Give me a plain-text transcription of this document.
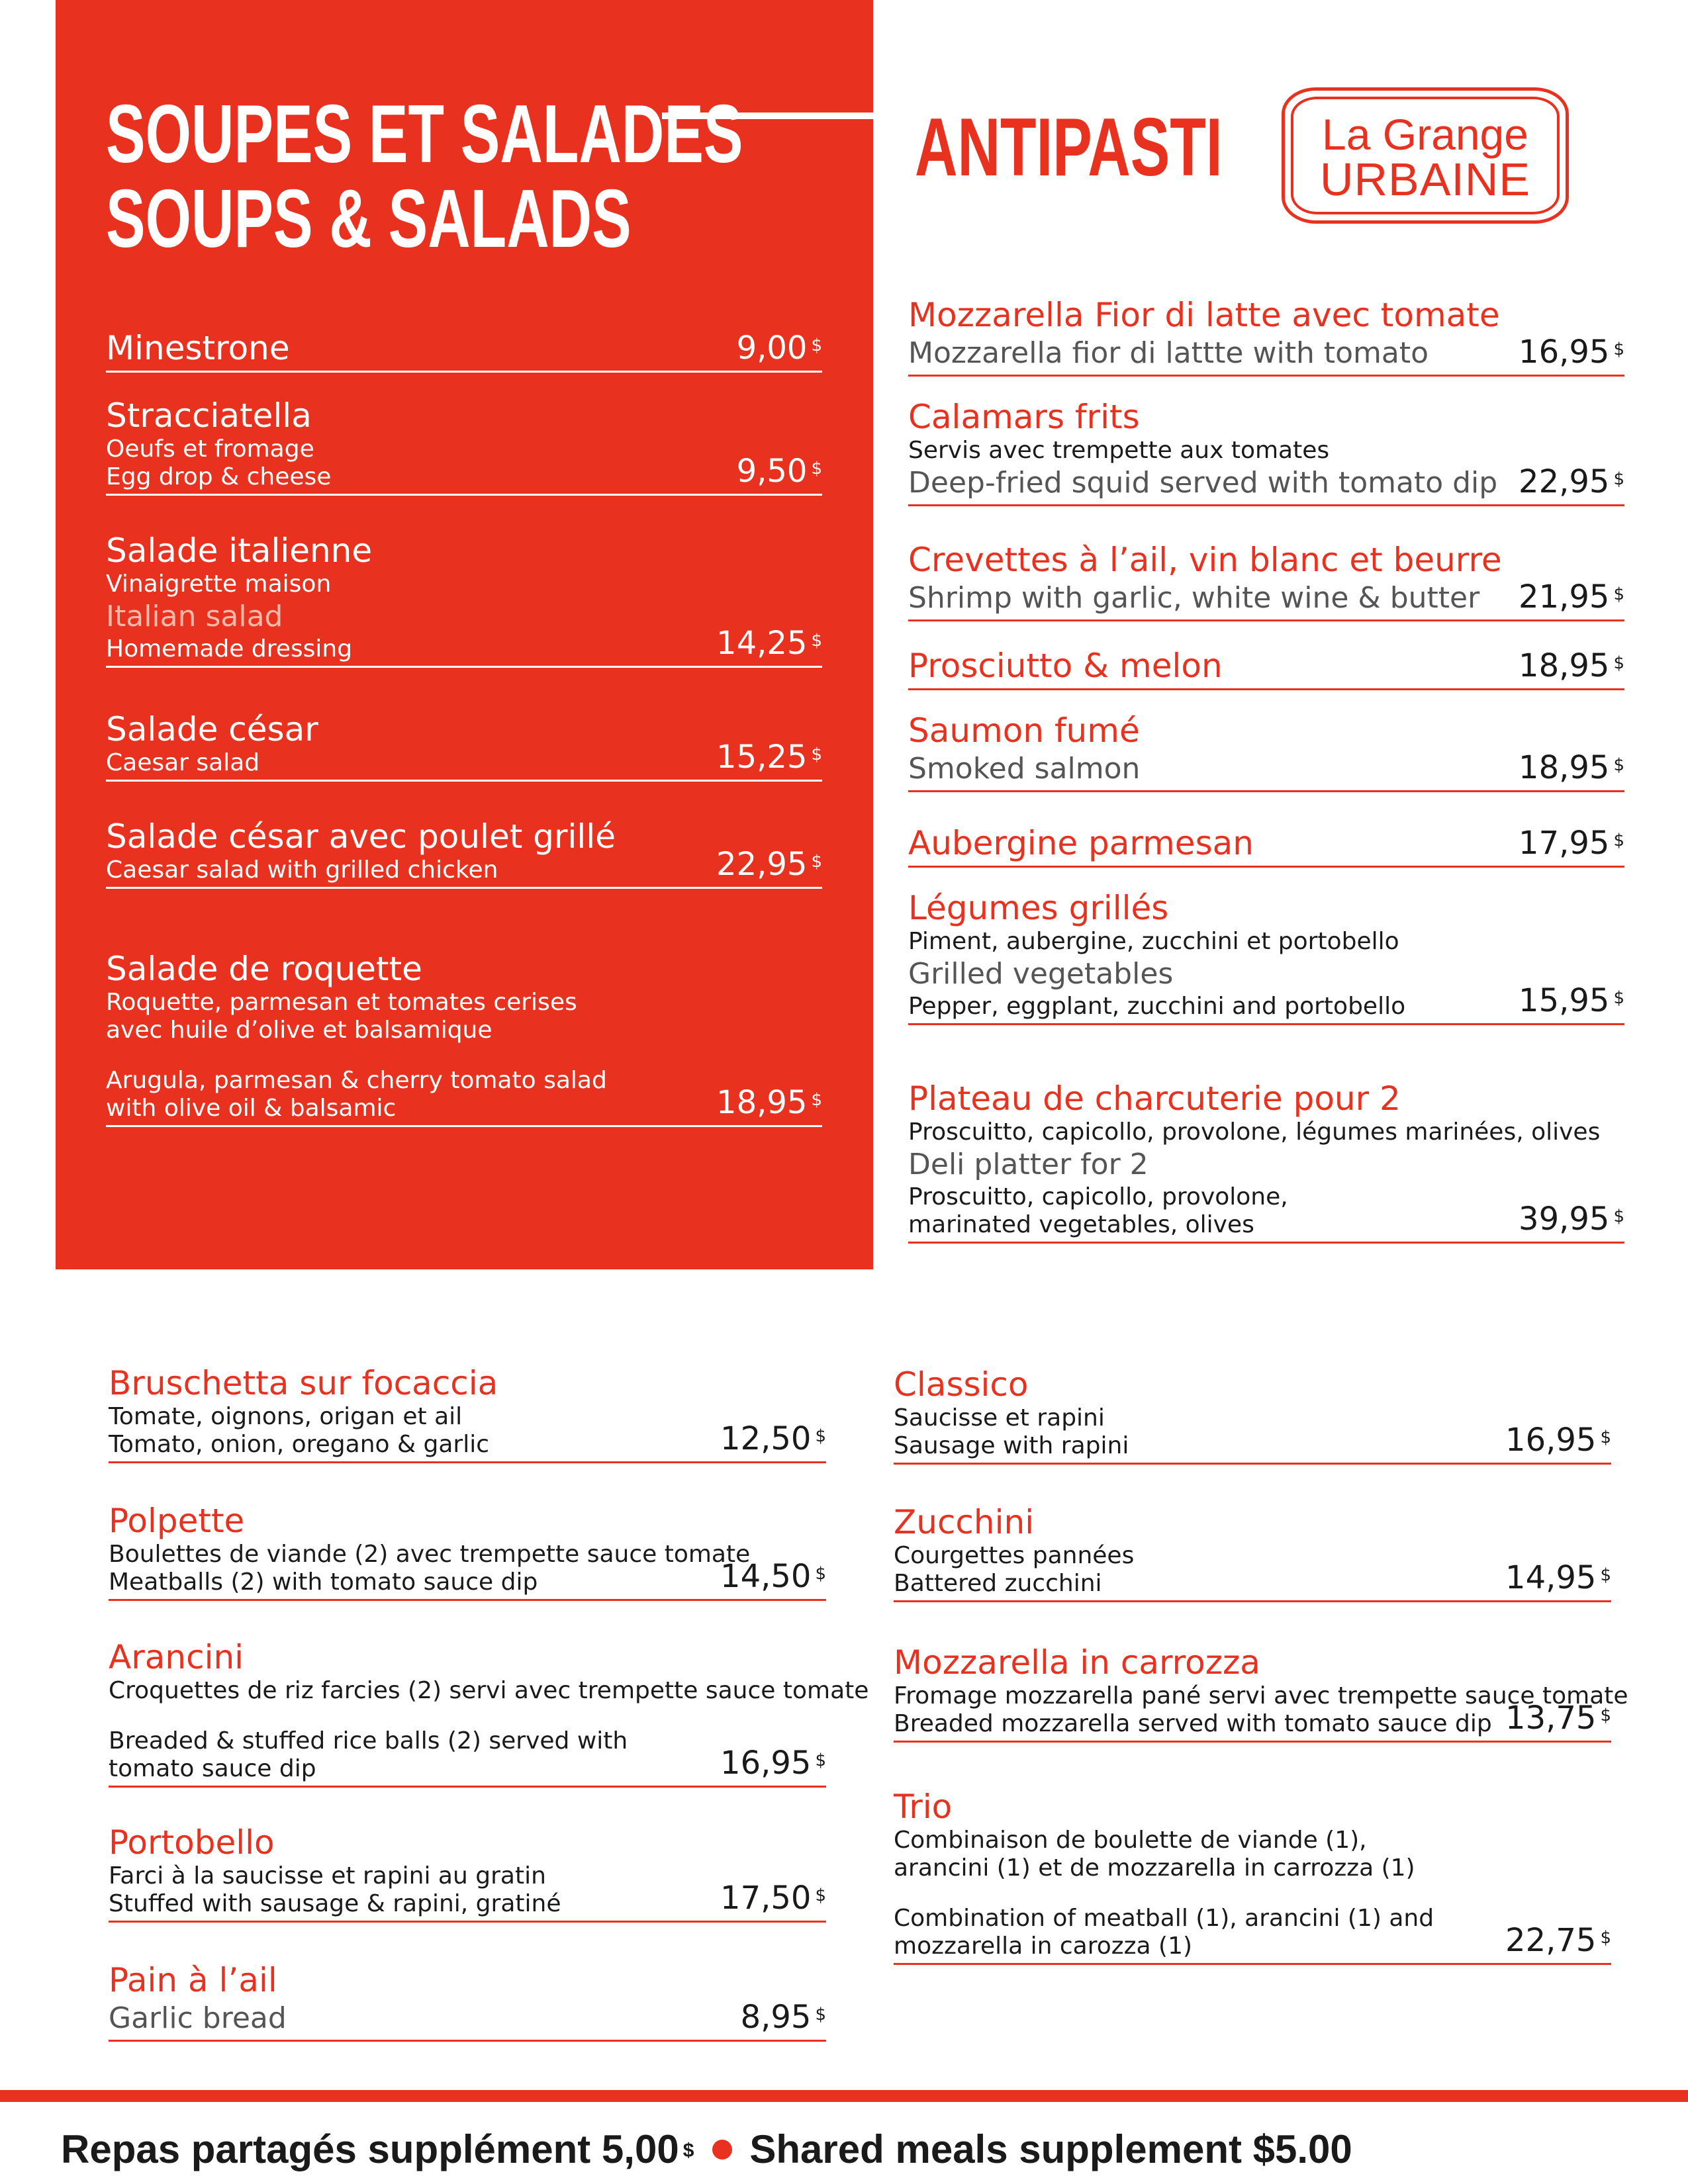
SOUPES ET SALADES
SOUPS & SALADS
ANTIPASTI	La Grange
URBAINE
Minestrone	9,00 $
Stracciatella
Oeufs et fromage
Egg drop & cheese	9,50 $
Salade italienne
Vinaigrette maison
Italian salad
Homemade dressing	14,25 $
Salade césar
Caesar salad	15,25 $
Salade césar avec poulet grillé
Caesar salad with grilled chicken	22,95 $
Salade de roquette
Roquette, parmesan et tomates cerises
avec huile d’olive et balsamique
Arugula, parmesan & cherry tomato salad
with olive oil & balsamic	18,95 $
Mozzarella Fior di latte avec tomate
Mozzarella fior di lattte with tomato	16,95 $
Calamars frits
Servis avec trempette aux tomates
Deep-fried squid served with tomato dip 22,95 $
Crevettes à l’ail, vin blanc et beurre
Shrimp with garlic, white wine & butter	21,95 $
Prosciutto & melon	18,95 $
Saumon fumé
Smoked salmon	18,95 $
Aubergine parmesan	17,95 $
Légumes grillés
Piment, aubergine, zucchini et portobello
Grilled vegetables
Pepper, eggplant, zucchini and portobello	15,95 $
Plateau de charcuterie pour 2
Proscuitto, capicollo, provolone, légumes marinées, olives
Deli platter for 2
Proscuitto, capicollo, provolone,
marinated vegetables, olives	39,95 $
Bruschetta sur focaccia
Tomate, oignons, origan et ail
Tomato, onion, oregano & garlic	12,50 $
Polpette
Boulettes de viande (2) avec trempette sauce tomate
Meatballs (2) with tomato sauce dip	14,50 $
Arancini
Croquettes de riz farcies (2) servi avec trempette sauce tomate
Breaded & stuffed rice balls (2) served with
tomato sauce dip	16,95 $
Portobello
Farci à la saucisse et rapini au gratin
Stuffed with sausage & rapini, gratiné	17,50 $
Pain à l’ail
Garlic bread	8,95 $
Classico
Saucisse et rapini
Sausage with rapini	16,95 $
Zucchini
Courgettes pannées
Battered zucchini	14,95 $
Mozzarella in carrozza
Fromage mozzarella pané servi avec trempette sauce tomate
Breaded mozzarella served with tomato sauce dip 13,75 $
Trio
Combinaison de boulette de viande (1),
arancini (1) et de mozzarella in carrozza (1)
Combination of meatball (1), arancini (1) and
mozzarella in carozza (1)	22,75 $
Repas partagés supplément 5,00 $ Shared meals supplement $5.00
